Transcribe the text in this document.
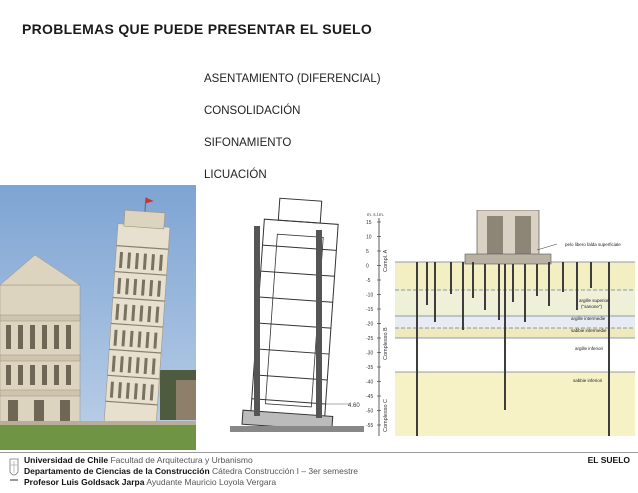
PROBLEMAS QUE PUEDE PRESENTAR EL SUELO
ASENTAMIENTO (DIFERENCIAL)
CONSOLIDACIÓN
SIFONAMIENTO
LICUACIÓN
4.60
m. s.l.m.
15
10
5
0
-5
-10
-15
-20
-25
-30
-35
-40
-45
-50
-55
Compl. A
Complesso B
Complesso C
pelo libero falda superficiale
argille superiori
("sanone")
argille intermedie
sabbie intermedie
argille inferiori
sabbie inferiori
Universidad de Chile Facultad de Arquitectura y Urbanismo
Departamento de Ciencias de la Construcción Cátedra Construcción I – 3er semestre
Profesor Luis Goldsack Jarpa Ayudante Mauricio Loyola Vergara
EL SUELO
